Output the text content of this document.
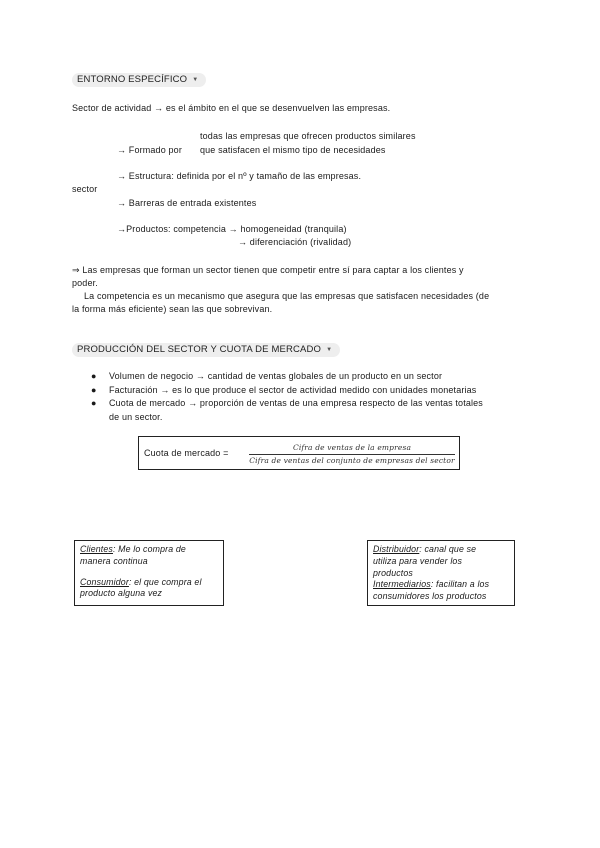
ENTORNO ESPECÍFICO ▼
Sector de actividad → es el ámbito en el que se desenvuelven las empresas.
todas las empresas que ofrecen productos similares
→ Formado por que satisfacen el mismo tipo de necesidades
→ Estructura: definida por el nº y tamaño de las empresas.
sector
→ Barreras de entrada existentes
→Productos: competencia → homogeneidad (tranquila)
→ diferenciación (rivalidad)
⇒ Las empresas que forman un sector tienen que competir entre sí para captar a los clientes y
poder.
La competencia es un mecanismo que asegura que las empresas que satisfacen necesidades (de
la forma más eficiente) sean las que sobrevivan.
PRODUCCIÓN DEL SECTOR Y CUOTA DE MERCADO ▼
● Volumen de negocio → cantidad de ventas globales de un producto en un sector
● Facturación → es lo que produce el sector de actividad medido con unidades monetarias
● Cuota de mercado → proporción de ventas de una empresa respecto de las ventas totales
de un sector.
Cuota de mercado =
Cifra de ventas de la empresa
Cifra de ventas del conjunto de empresas del sector
Clientes: Me lo compra de
manera continua
Consumidor: el que compra el
producto alguna vez
Distribuidor: canal que se
utiliza para vender los
productos
Intermediarios: facilitan a los
consumidores los productos
